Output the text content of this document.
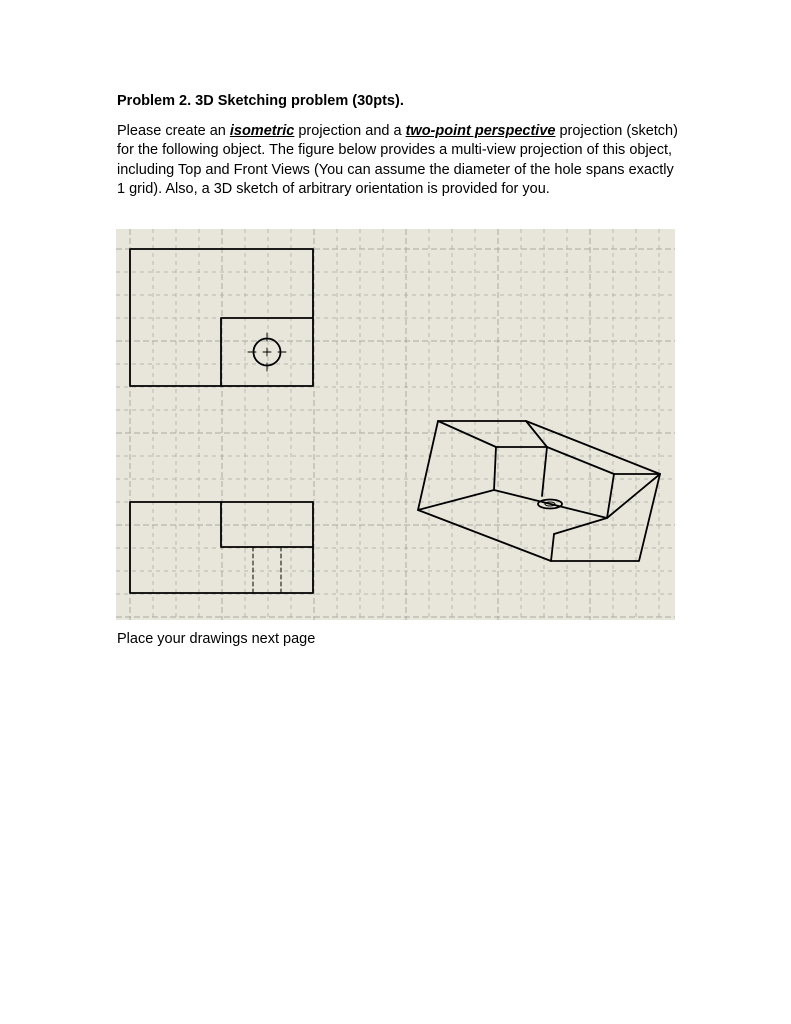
Problem 2. 3D Sketching problem (30pts).

Please create an isometric projection and a two-point perspective projection (sketch) for the following object. The figure below provides a multi-view projection of this object, including Top and Front Views (You can assume the diameter of the hole spans exactly 1 grid). Also, a 3D sketch of arbitrary orientation is provided for you.

Place your drawings next page
